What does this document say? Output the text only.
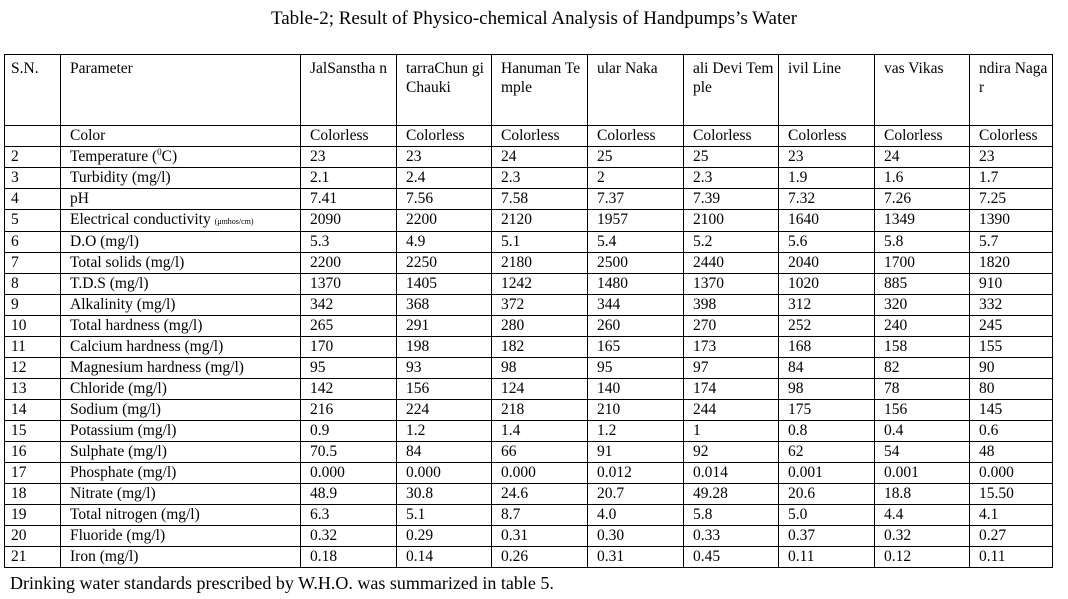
Table-2; Result of Physico-chemical Analysis of Handpumps’s Water
S.N.	Parameter	JalSanstha n	tarraChun giChauki	Hanuman Temple	ular Naka	ali Devi Temple	ivil Line	vas Vikas	ndira Nagar
	Color	Colorless	Colorless	Colorless	Colorless	Colorless	Colorless	Colorless	Colorless
2	Temperature ($^0$C)	23	23	24	25	25	23	24	23
3	Turbidity (mg/l)	2.1	2.4	2.3	2	2.3	1.9	1.6	1.7
4	pH	7.41	7.56	7.58	7.37	7.39	7.32	7.26	7.25
5	Electrical conductivity (μmhos/cm)	2090	2200	2120	1957	2100	1640	1349	1390
6	D.O (mg/l)	5.3	4.9	5.1	5.4	5.2	5.6	5.8	5.7
7	Total solids (mg/l)	2200	2250	2180	2500	2440	2040	1700	1820
8	T.D.S (mg/l)	1370	1405	1242	1480	1370	1020	885	910
9	Alkalinity (mg/l)	342	368	372	344	398	312	320	332
10	Total hardness (mg/l)	265	291	280	260	270	252	240	245
11	Calcium hardness (mg/l)	170	198	182	165	173	168	158	155
12	Magnesium hardness (mg/l)	95	93	98	95	97	84	82	90
13	Chloride (mg/l)	142	156	124	140	174	98	78	80
14	Sodium (mg/l)	216	224	218	210	244	175	156	145
15	Potassium (mg/l)	0.9	1.2	1.4	1.2	1	0.8	0.4	0.6
16	Sulphate (mg/l)	70.5	84	66	91	92	62	54	48
17	Phosphate (mg/l)	0.000	0.000	0.000	0.012	0.014	0.001	0.001	0.000
18	Nitrate (mg/l)	48.9	30.8	24.6	20.7	49.28	20.6	18.8	15.50
19	Total nitrogen (mg/l)	6.3	5.1	8.7	4.0	5.8	5.0	4.4	4.1
20	Fluoride (mg/l)	0.32	0.29	0.31	0.30	0.33	0.37	0.32	0.27
21	Iron (mg/l)	0.18	0.14	0.26	0.31	0.45	0.11	0.12	0.11
Drinking water standards prescribed by W.H.O. was summarized in table 5.
